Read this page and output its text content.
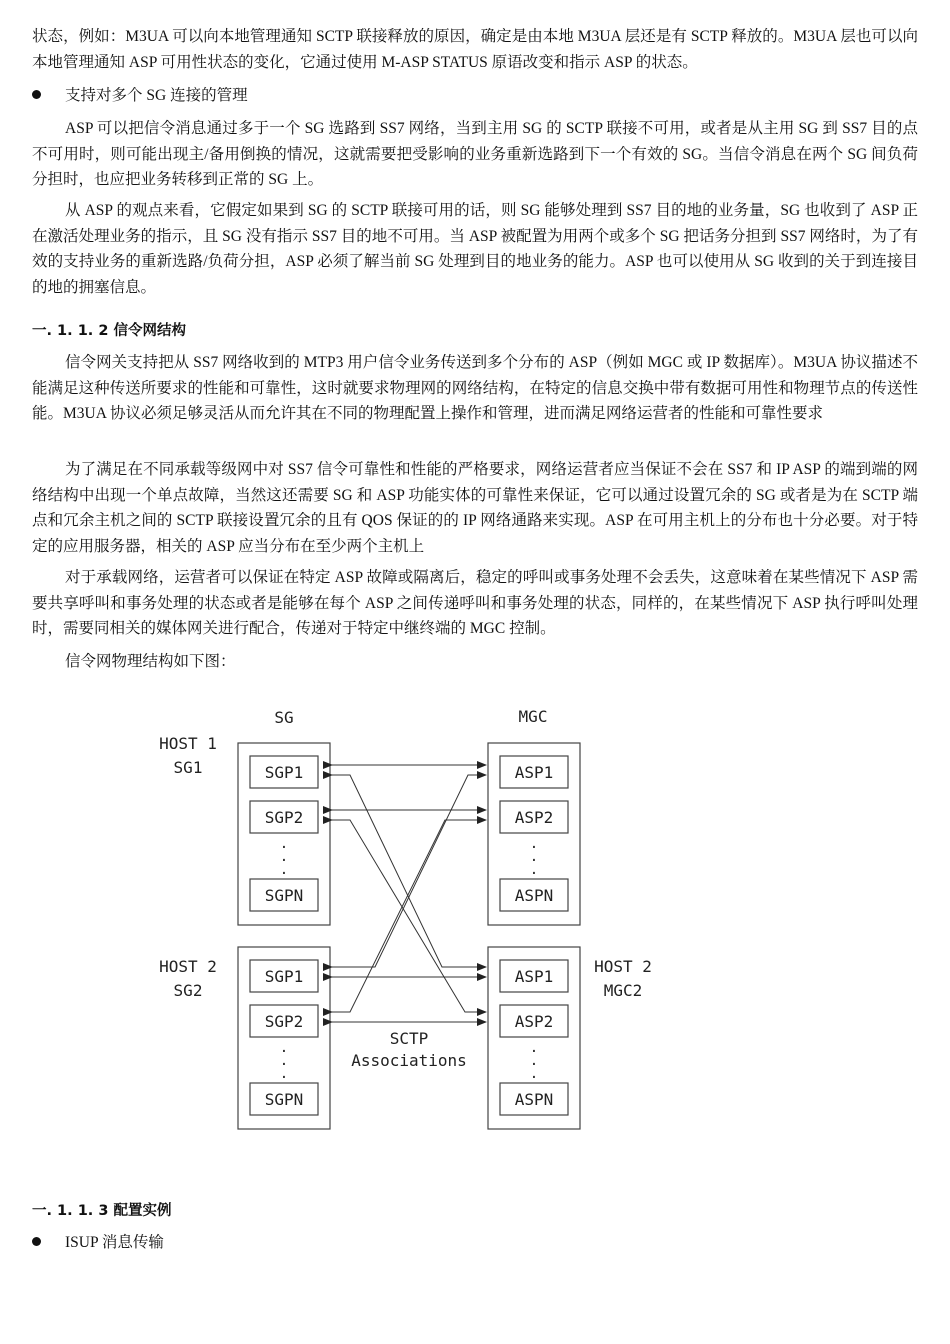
状态，例如：M3UA 可以向本地管理通知 SCTP 联接释放的原因，确定是由本地 M3UA 层还是有 SCTP 释放的。M3UA 层也可以向本地管理通知 ASP 可用性状态的变化，它通过使用 M-ASP STATUS 原语改变和指示 ASP 的状态。

支持对多个 SG 连接的管理

ASP 可以把信令消息通过多于一个 SG 选路到 SS7 网络，当到主用 SG 的 SCTP 联接不可用，或者是从主用 SG 到 SS7 目的点不可用时，则可能出现主/备用倒换的情况，这就需要把受影响的业务重新选路到下一个有效的 SG。当信令消息在两个 SG 间负荷分担时，也应把业务转移到正常的 SG 上。

从 ASP 的观点来看，它假定如果到 SG 的 SCTP 联接可用的话，则 SG 能够处理到 SS7 目的地的业务量，SG 也收到了 ASP 正在激活处理业务的指示，且 SG 没有指示 SS7 目的地不可用。当 ASP 被配置为用两个或多个 SG 把话务分担到 SS7 网络时，为了有效的支持业务的重新选路/负荷分担，ASP 必须了解当前 SG 处理到目的地业务的能力。ASP 也可以使用从 SG 收到的关于到连接目的地的拥塞信息。

一. 1. 1. 2 信令网结构

信令网关支持把从 SS7 网络收到的 MTP3 用户信令业务传送到多个分布的 ASP（例如 MGC 或 IP 数据库）。M3UA 协议描述不能满足这种传送所要求的性能和可靠性，这时就要求物理网的网络结构，在特定的信息交换中带有数据可用性和物理节点的传送性能。M3UA 协议必须足够灵活从而允许其在不同的物理配置上操作和管理，进而满足网络运营者的性能和可靠性要求

为了满足在不同承载等级网中对 SS7 信令可靠性和性能的严格要求，网络运营者应当保证不会在 SS7 和 IP ASP 的端到端的网络结构中出现一个单点故障，当然这还需要 SG 和 ASP 功能实体的可靠性来保证，它可以通过设置冗余的 SG 或者是为在 SCTP 端点和冗余主机之间的 SCTP 联接设置冗余的且有 QOS 保证的的 IP 网络通路来实现。ASP 在可用主机上的分布也十分必要。对于特定的应用服务器，相关的 ASP 应当分布在至少两个主机上

对于承载网络，运营者可以保证在特定 ASP 故障或隔离后，稳定的呼叫或事务处理不会丢失，这意味着在某些情况下 ASP 需要共享呼叫和事务处理的状态或者是能够在每个 ASP 之间传递呼叫和事务处理的状态，同样的，在某些情况下 ASP 执行呼叫处理时，需要同相关的媒体网关进行配合，传递对于特定中继终端的 MGC 控制。

信令网物理结构如下图：

SG	MGC
HOST 1
SG1
HOST 2
SG2
HOST 2
MGC2
SGP1
SGP2
.
.
.
SGPN
ASP1
ASP2
.
.
.
ASPN
SGP1
SGP2
.
.
.
SGPN
ASP1
ASP2
.
.
.
ASPN
SCTP
Associations
一. 1. 1. 3 配置实例
ISUP 消息传输
